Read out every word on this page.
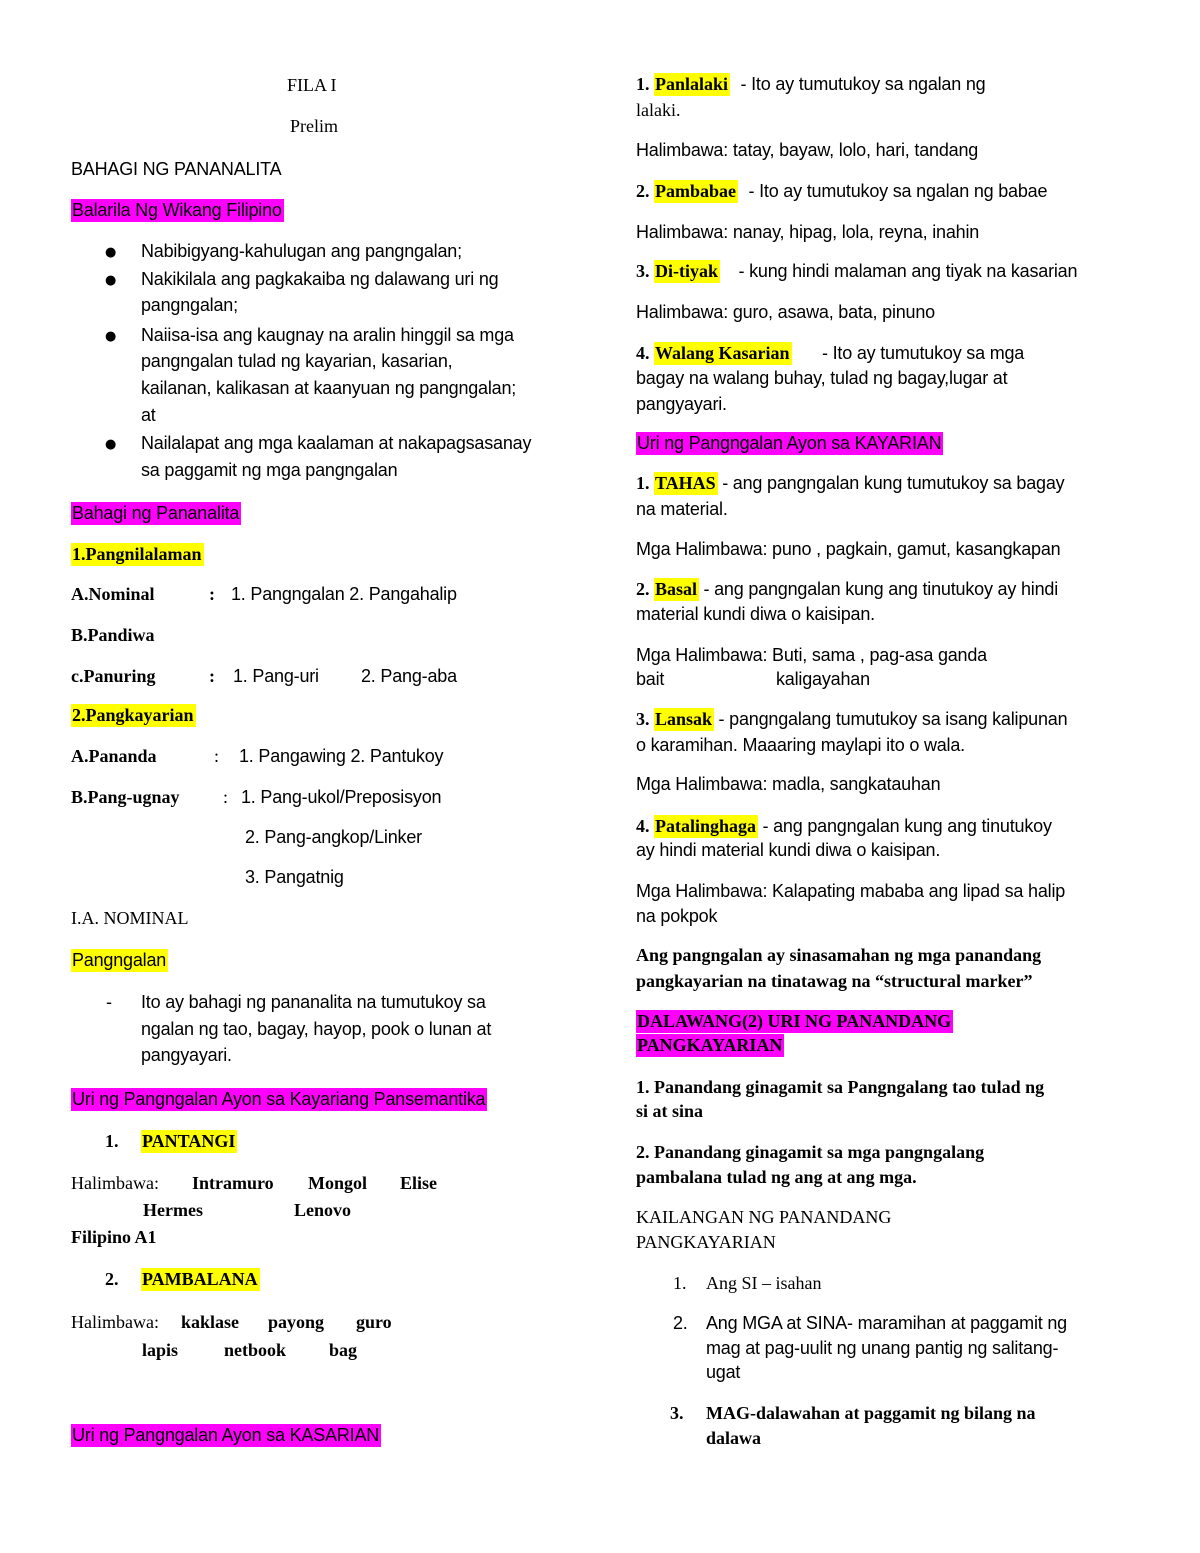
FILA I
Prelim
BAHAGI NG PANANALITA
Balarila Ng Wikang Filipino
● Nabibigyang-kahulugan ang pangngalan;
● Nakikilala ang pagkakaiba ng dalawang uri ng
pangngalan;
● Naiisa-isa ang kaugnay na aralin hinggil sa mga
pangngalan tulad ng kayarian, kasarian,
kailanan, kalikasan at kaanyuan ng pangngalan;
at
● Nailalapat ang mga kaalaman at nakapagsasanay
sa paggamit ng mga pangngalan
Bahagi ng Pananalita
1.Pangnilalaman
A.Nominal	: 1. Pangngalan 2. Pangahalip
B.Pandiwa
c.Panuring	: 1. Pang-uri 2. Pang-aba
2.Pangkayarian
A.Pananda	: 1. Pangawing 2. Pantukoy
B.Pang-ugnay : 1. Pang-ukol/Preposisyon
2. Pang-angkop/Linker
3. Pangatnig
I.A. NOMINAL
Pangngalan
- Ito ay bahagi ng pananalita na tumutukoy sa
ngalan ng tao, bagay, hayop, pook o lunan at
pangyayari.
Uri ng Pangngalan Ayon sa Kayariang Pansemantika
1. PANTANGI
Halimbawa: Intramuro Mongol Elise
Hermes	Lenovo
Filipino A1
2. PAMBALANA
Halimbawa: kaklase payong guro
lapis	netbook bag
Uri ng Pangngalan Ayon sa KASARIAN
1. Panlalaki - Ito ay tumutukoy sa ngalan ng
lalaki.
Halimbawa: tatay, bayaw, lolo, hari, tandang
2. Pambabae - Ito ay tumutukoy sa ngalan ng babae
Halimbawa: nanay, hipag, lola, reyna, inahin
3. Di-tiyak - kung hindi malaman ang tiyak na kasarian
Halimbawa: guro, asawa, bata, pinuno
4. Walang Kasarian - Ito ay tumutukoy sa mga
bagay na walang buhay, tulad ng bagay,lugar at
pangyayari.
Uri ng Pangngalan Ayon sa KAYARIAN
1. TAHAS - ang pangngalan kung tumutukoy sa bagay
na material.
Mga Halimbawa: puno , pagkain, gamut, kasangkapan
2. Basal - ang pangngalan kung ang tinutukoy ay hindi
material kundi diwa o kaisipan.
Mga Halimbawa: Buti, sama , pag-asa ganda
bait	kaligayahan
3. Lansak - pangngalang tumutukoy sa isang kalipunan
o karamihan. Maaaring maylapi ito o wala.
Mga Halimbawa: madla, sangkatauhan
4. Patalinghaga - ang pangngalan kung ang tinutukoy
ay hindi material kundi diwa o kaisipan.
Mga Halimbawa: Kalapating mababa ang lipad sa halip
na pokpok
Ang pangngalan ay sinasamahan ng mga panandang
pangkayarian na tinatawag na “structural marker”
DALAWANG(2) URI NG PANANDANG
PANGKAYARIAN
1. Panandang ginagamit sa Pangngalang tao tulad ng
si at sina
2. Panandang ginagamit sa mga pangngalang
pambalana tulad ng ang at ang mga.
KAILANGAN NG PANANDANG
PANGKAYARIAN
1. Ang SI – isahan
2. Ang MGA at SINA- maramihan at paggamit ng
mag at pag-uulit ng unang pantig ng salitang-
ugat
3. MAG-dalawahan at paggamit ng bilang na
dalawa
